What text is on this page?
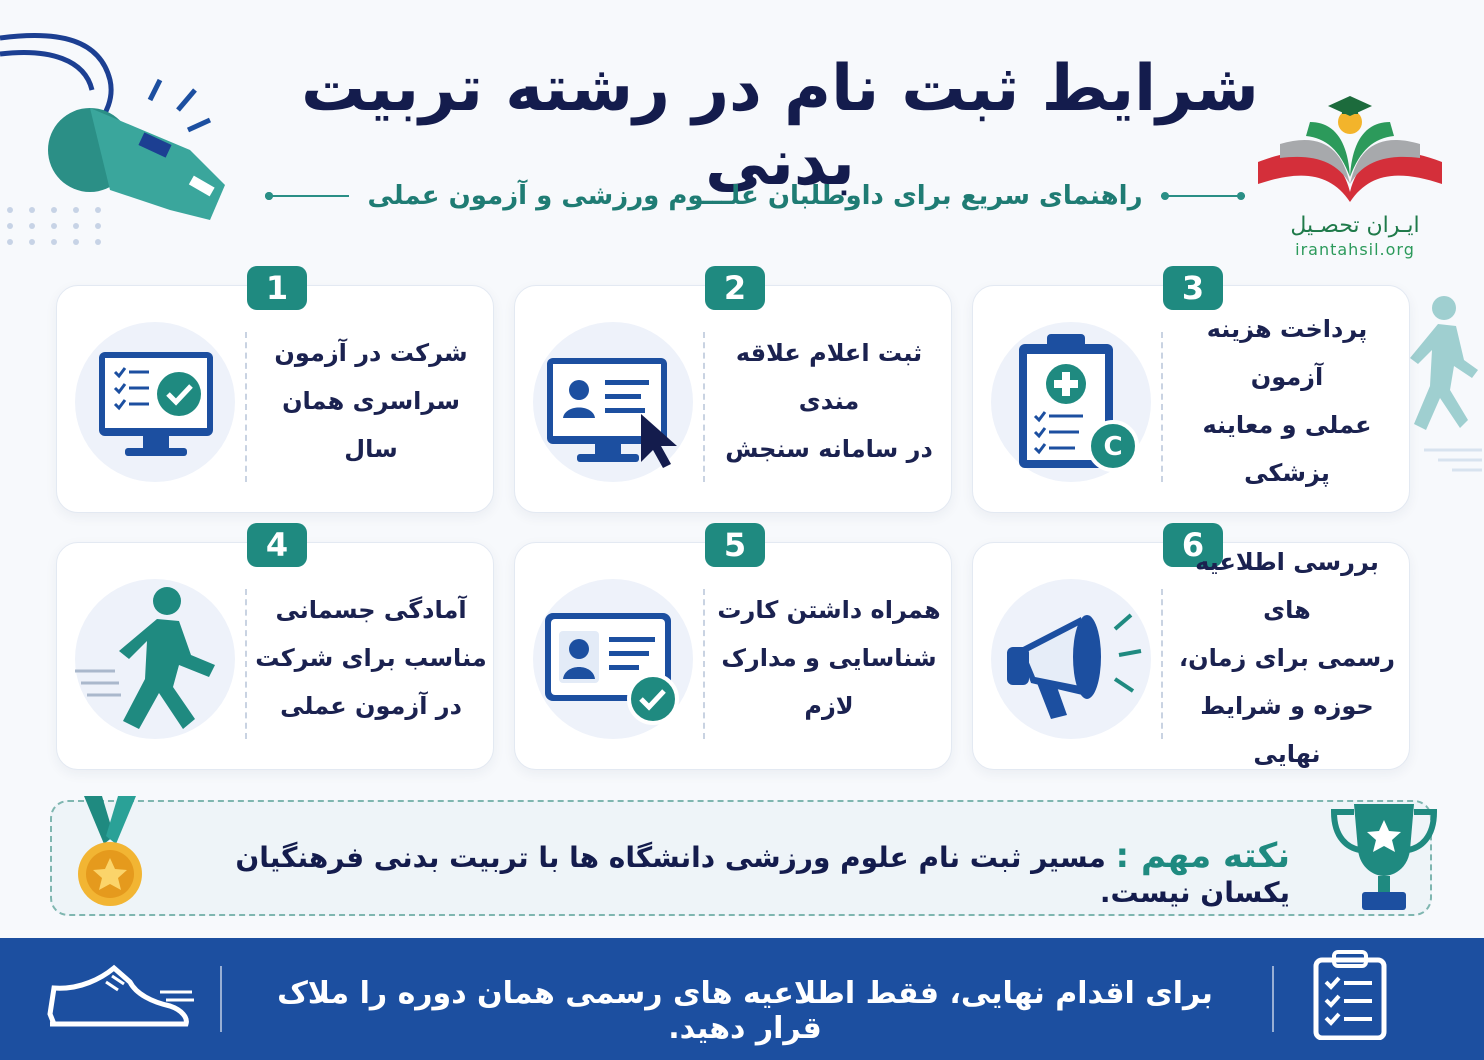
شرایط ثبت نام در رشته تربیت بدنی
راهنمای سریع برای داوطلبان علـــوم ورزشی و آزمون عملی
ایـران تحصـیل
irantahsil.org
1
شرکت در آزمون
سراسری همان سال
2
ثبت اعلام علاقه مندی
در سامانه سنجش
3
C
پرداخت هزینه آزمون
عملی و معاینه پزشکی
4
آمادگی جسمانی
مناسب برای شرکت
در آزمون عملی
5
همراه داشتن کارت
شناسایی و مدارک لازم
6
بررسی اطلاعیه های
رسمی برای زمان،
حوزه و شرایط نهایی
نکته مهم : مسیر ثبت نام علوم ورزشی دانشگاه ها با تربیت بدنی فرهنگیان یکسان نیست.
برای اقدام نهایی، فقط اطلاعیه های رسمی همان دوره را ملاک قرار دهید.
